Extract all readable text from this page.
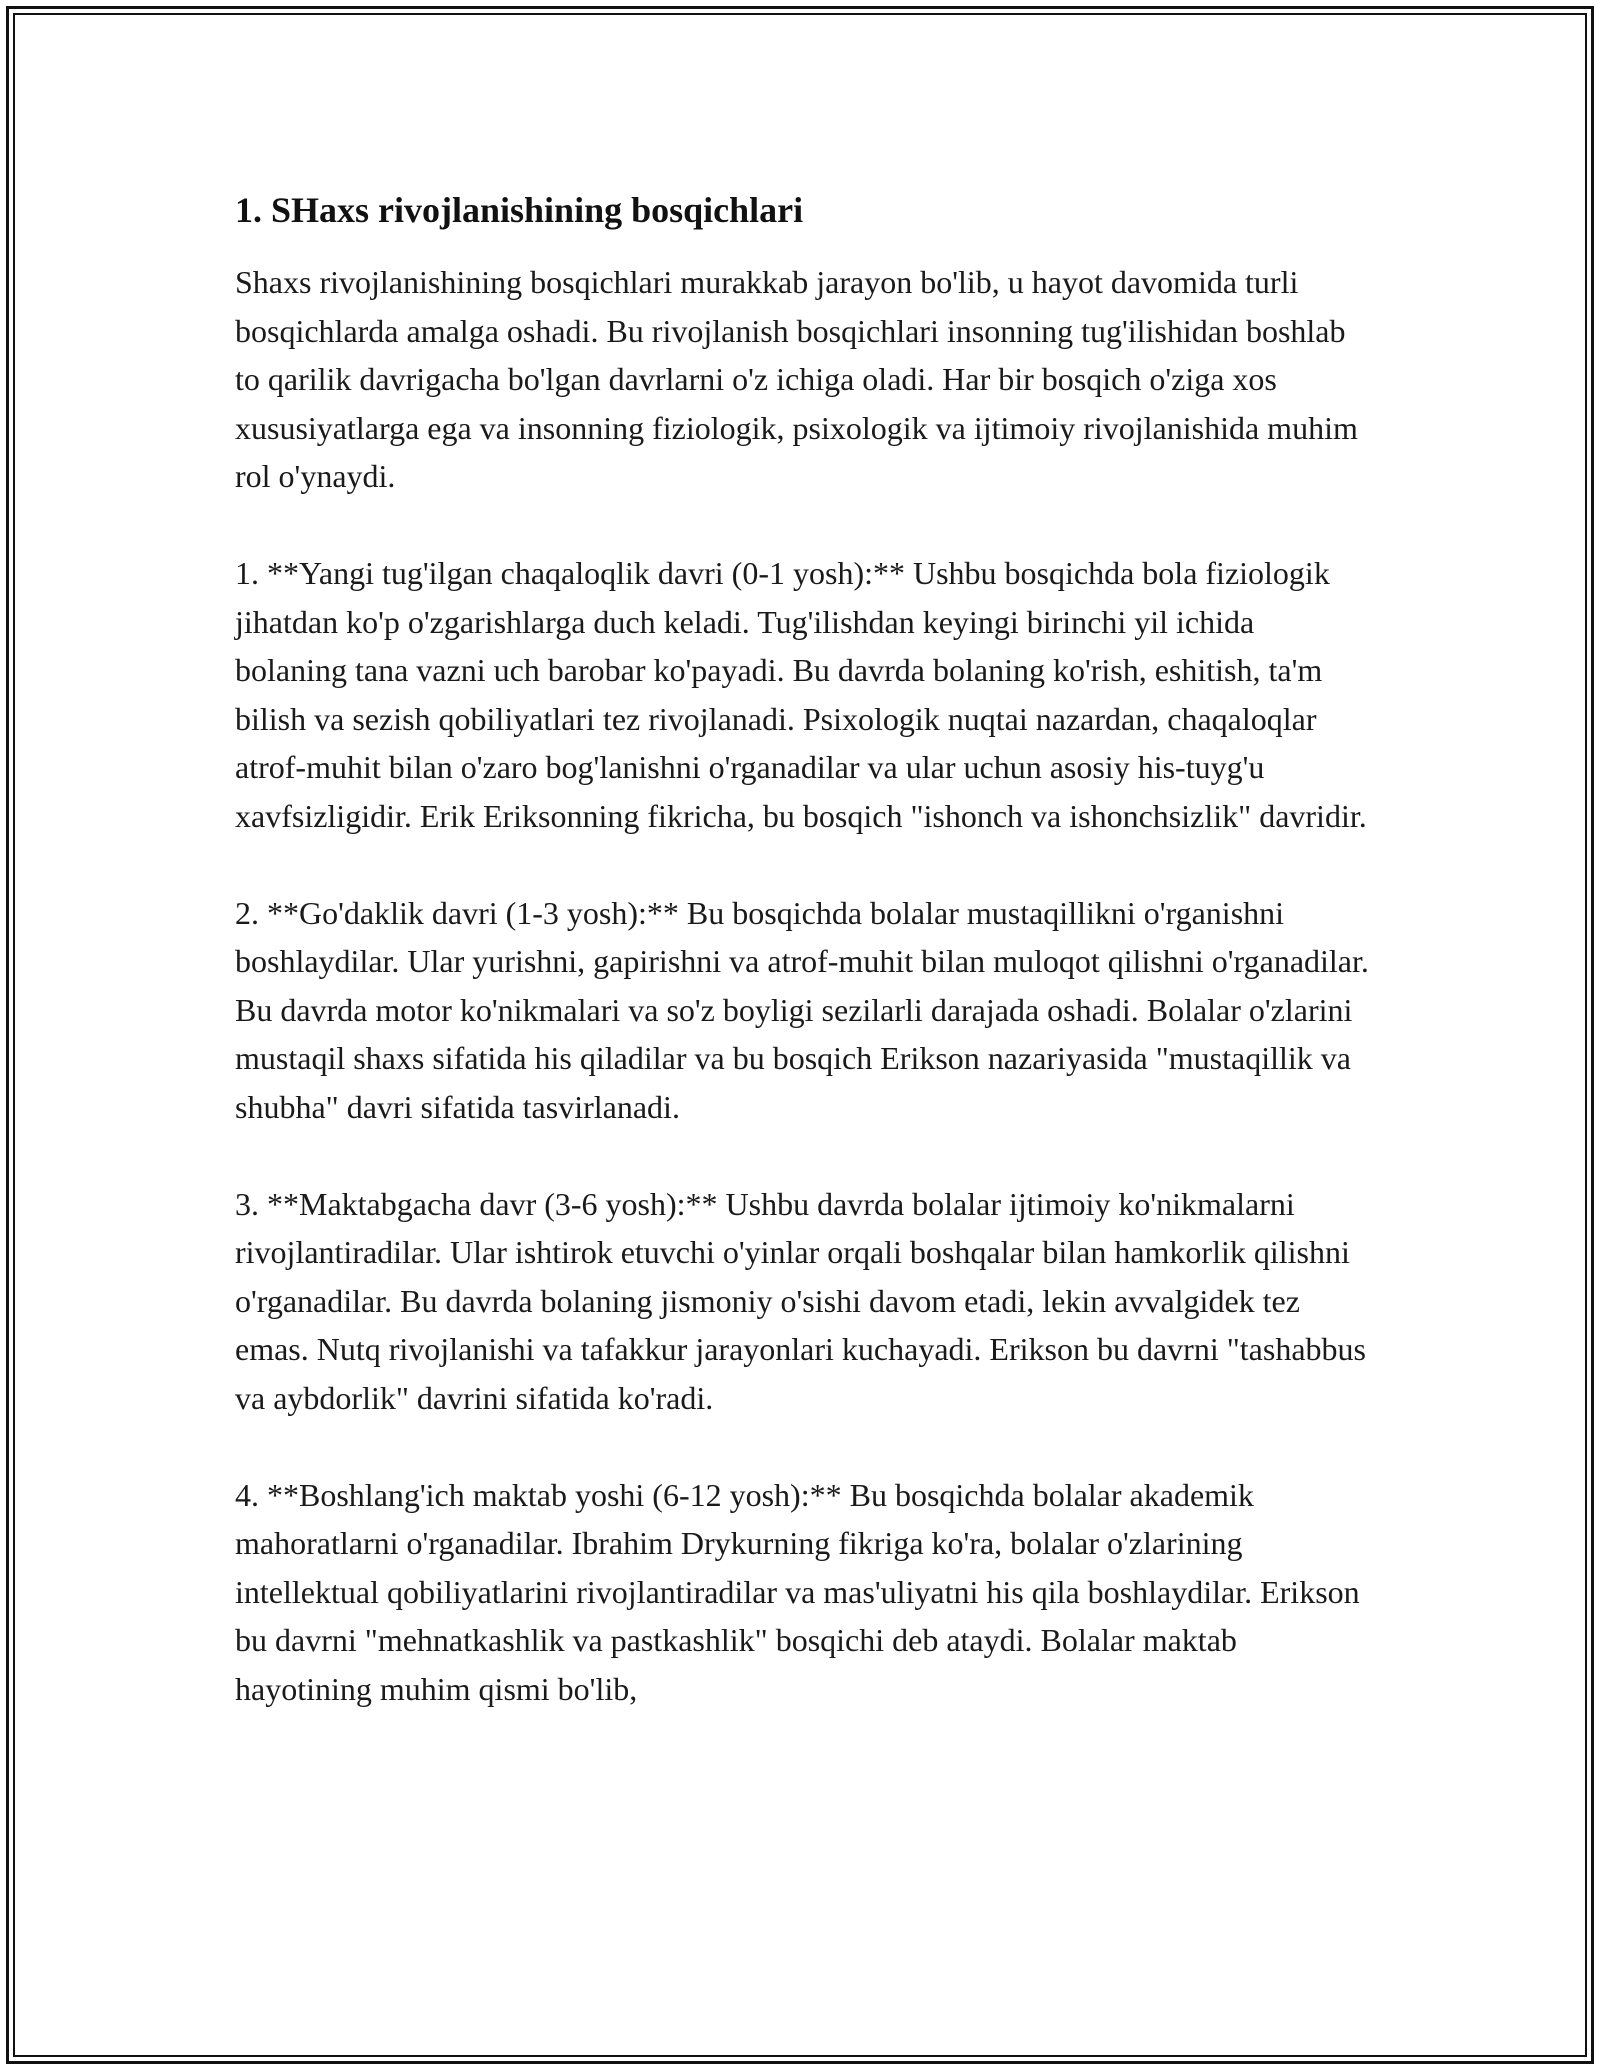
1. SHaxs rivojlanishining bosqichlari

Shaxs rivojlanishining bosqichlari murakkab jarayon bo'lib, u hayot davomida turli bosqichlarda amalga oshadi. Bu rivojlanish bosqichlari insonning tug'ilishidan boshlab to qarilik davrigacha bo'lgan davrlarni o'z ichiga oladi. Har bir bosqich o'ziga xos xususiyatlarga ega va insonning fiziologik, psixologik va ijtimoiy rivojlanishida muhim rol o'ynaydi.

1. **Yangi tug'ilgan chaqaloqlik davri (0-1 yosh):** Ushbu bosqichda bola fiziologik jihatdan ko'p o'zgarishlarga duch keladi. Tug'ilishdan keyingi birinchi yil ichida bolaning tana vazni uch barobar ko'payadi. Bu davrda bolaning ko'rish, eshitish, ta'm bilish va sezish qobiliyatlari tez rivojlanadi. Psixologik nuqtai nazardan, chaqaloqlar atrof-muhit bilan o'zaro bog'lanishni o'rganadilar va ular uchun asosiy his-tuyg'u xavfsizligidir. Erik Eriksonning fikricha, bu bosqich "ishonch va ishonchsizlik" davridir.

2. **Go'daklik davri (1-3 yosh):** Bu bosqichda bolalar mustaqillikni o'rganishni boshlaydilar. Ular yurishni, gapirishni va atrof-muhit bilan muloqot qilishni o'rganadilar. Bu davrda motor ko'nikmalari va so'z boyligi sezilarli darajada oshadi. Bolalar o'zlarini mustaqil shaxs sifatida his qiladilar va bu bosqich Erikson nazariyasida "mustaqillik va shubha" davri sifatida tasvirlanadi.

3. **Maktabgacha davr (3-6 yosh):** Ushbu davrda bolalar ijtimoiy ko'nikmalarni rivojlantiradilar. Ular ishtirok etuvchi o'yinlar orqali boshqalar bilan hamkorlik qilishni o'rganadilar. Bu davrda bolaning jismoniy o'sishi davom etadi, lekin avvalgidek tez emas. Nutq rivojlanishi va tafakkur jarayonlari kuchayadi. Erikson bu davrni "tashabbus va aybdorlik" davrini sifatida ko'radi.

4. **Boshlang'ich maktab yoshi (6-12 yosh):** Bu bosqichda bolalar akademik mahoratlarni o'rganadilar. Ibrahim Drykurning fikriga ko'ra, bolalar o'zlarining intellektual qobiliyatlarini rivojlantiradilar va mas'uliyatni his qila boshlaydilar. Erikson bu davrni "mehnatkashlik va pastkashlik" bosqichi deb ataydi. Bolalar maktab hayotining muhim qismi bo'lib,
